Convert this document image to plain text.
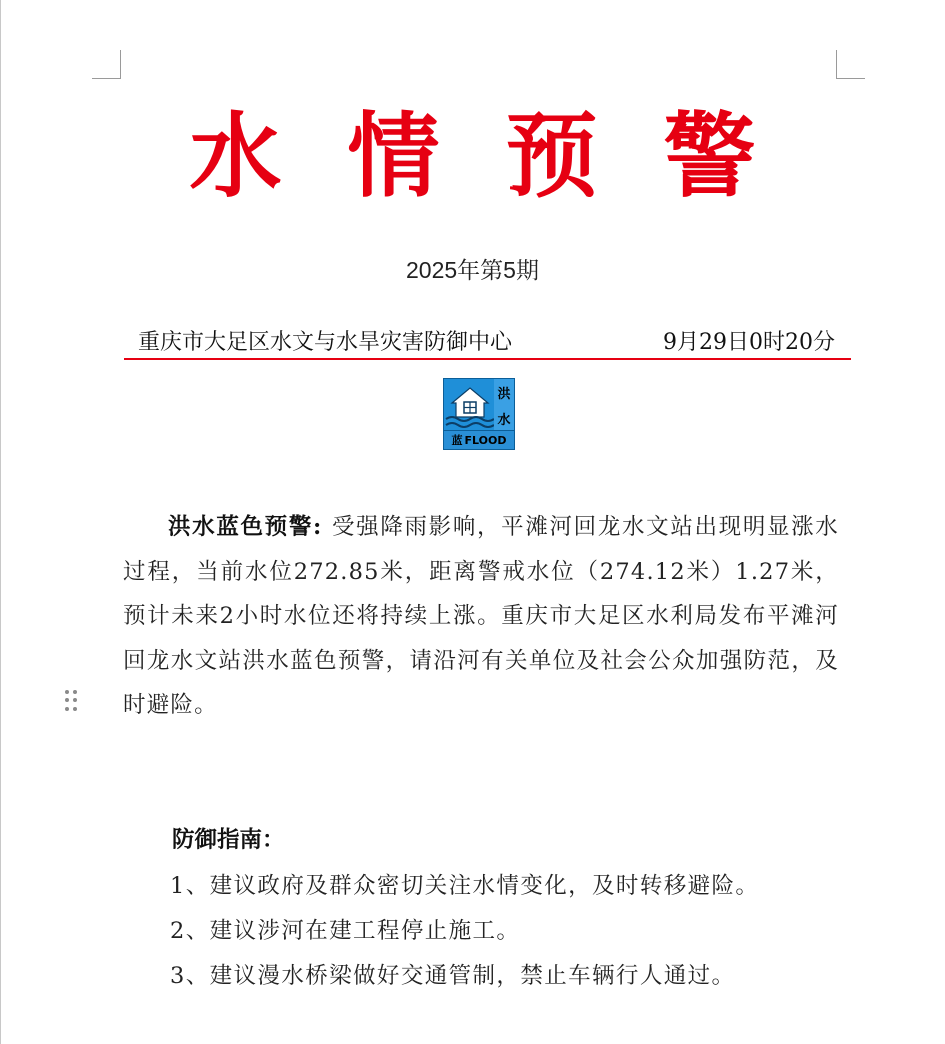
水情预警
2025年第5期
重庆市大足区水文与水旱灾害防御中心	9月29日0时20分
洪
水
蓝 FLOOD
洪水蓝色预警: 受强降雨影响，平滩河回龙水文站出现明显涨水过程，当前水位272.85米，距离警戒水位（274.12米）1.27米，预计未来2小时水位还将持续上涨。重庆市大足区水利局发布平滩河回龙水文站洪水蓝色预警，请沿河有关单位及社会公众加强防范，及时避险。
防御指南：
1、建议政府及群众密切关注水情变化，及时转移避险。
2、建议涉河在建工程停止施工。
3、建议漫水桥梁做好交通管制，禁止车辆行人通过。
